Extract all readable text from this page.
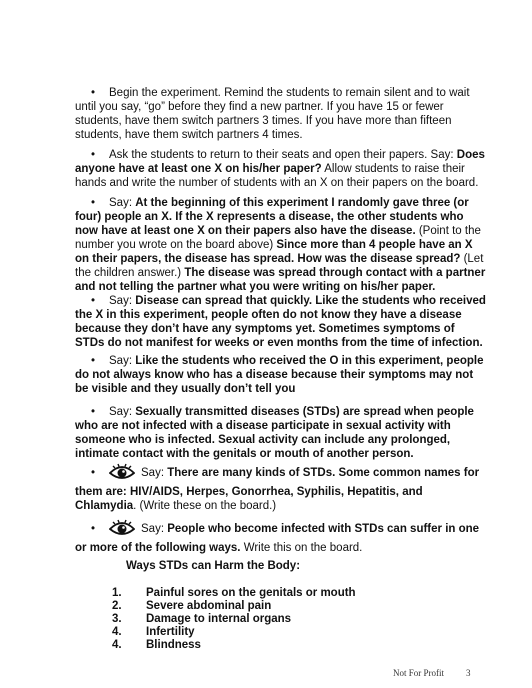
• Begin the experiment. Remind the students to remain silent and to wait until you say, “go” before they find a new partner. If you have 15 or fewer students, have them switch partners 3 times. If you have more than fifteen students, have them switch partners 4 times.
• Ask the students to return to their seats and open their papers. Say: Does anyone have at least one X on his/her paper? Allow students to raise their hands and write the number of students with an X on their papers on the board.
• Say: At the beginning of this experiment I randomly gave three (or four) people an X. If the X represents a disease, the other students who now have at least one X on their papers also have the disease. (Point to the number you wrote on the board above) Since more than 4 people have an X on their papers, the disease has spread. How was the disease spread? (Let the children answer.) The disease was spread through contact with a partner and not telling the partner what you were writing on his/her paper.
• Say: Disease can spread that quickly. Like the students who received the X in this experiment, people often do not know they have a disease because they don’t have any symptoms yet. Sometimes symptoms of STDs do not manifest for weeks or even months from the time of infection.
• Say: Like the students who received the O in this experiment, people do not always know who has a disease because their symptoms may not be visible and they usually don’t tell you
• Say: Sexually transmitted diseases (STDs) are spread when people who are not infected with a disease participate in sexual activity with someone who is infected. Sexual activity can include any prolonged, intimate contact with the genitals or mouth of another person.
•	Say: There are many kinds of STDs. Some common names for them are: HIV/AIDS, Herpes, Gonorrhea, Syphilis, Hepatitis, and Chlamydia. (Write these on the board.)
•	Say: People who become infected with STDs can suffer in one or more of the following ways. Write this on the board.
Ways STDs can Harm the Body:
1. Painful sores on the genitals or mouth
2. Severe abdominal pain
3. Damage to internal organs
4. Infertility
4. Blindness
Not For Profit 3
